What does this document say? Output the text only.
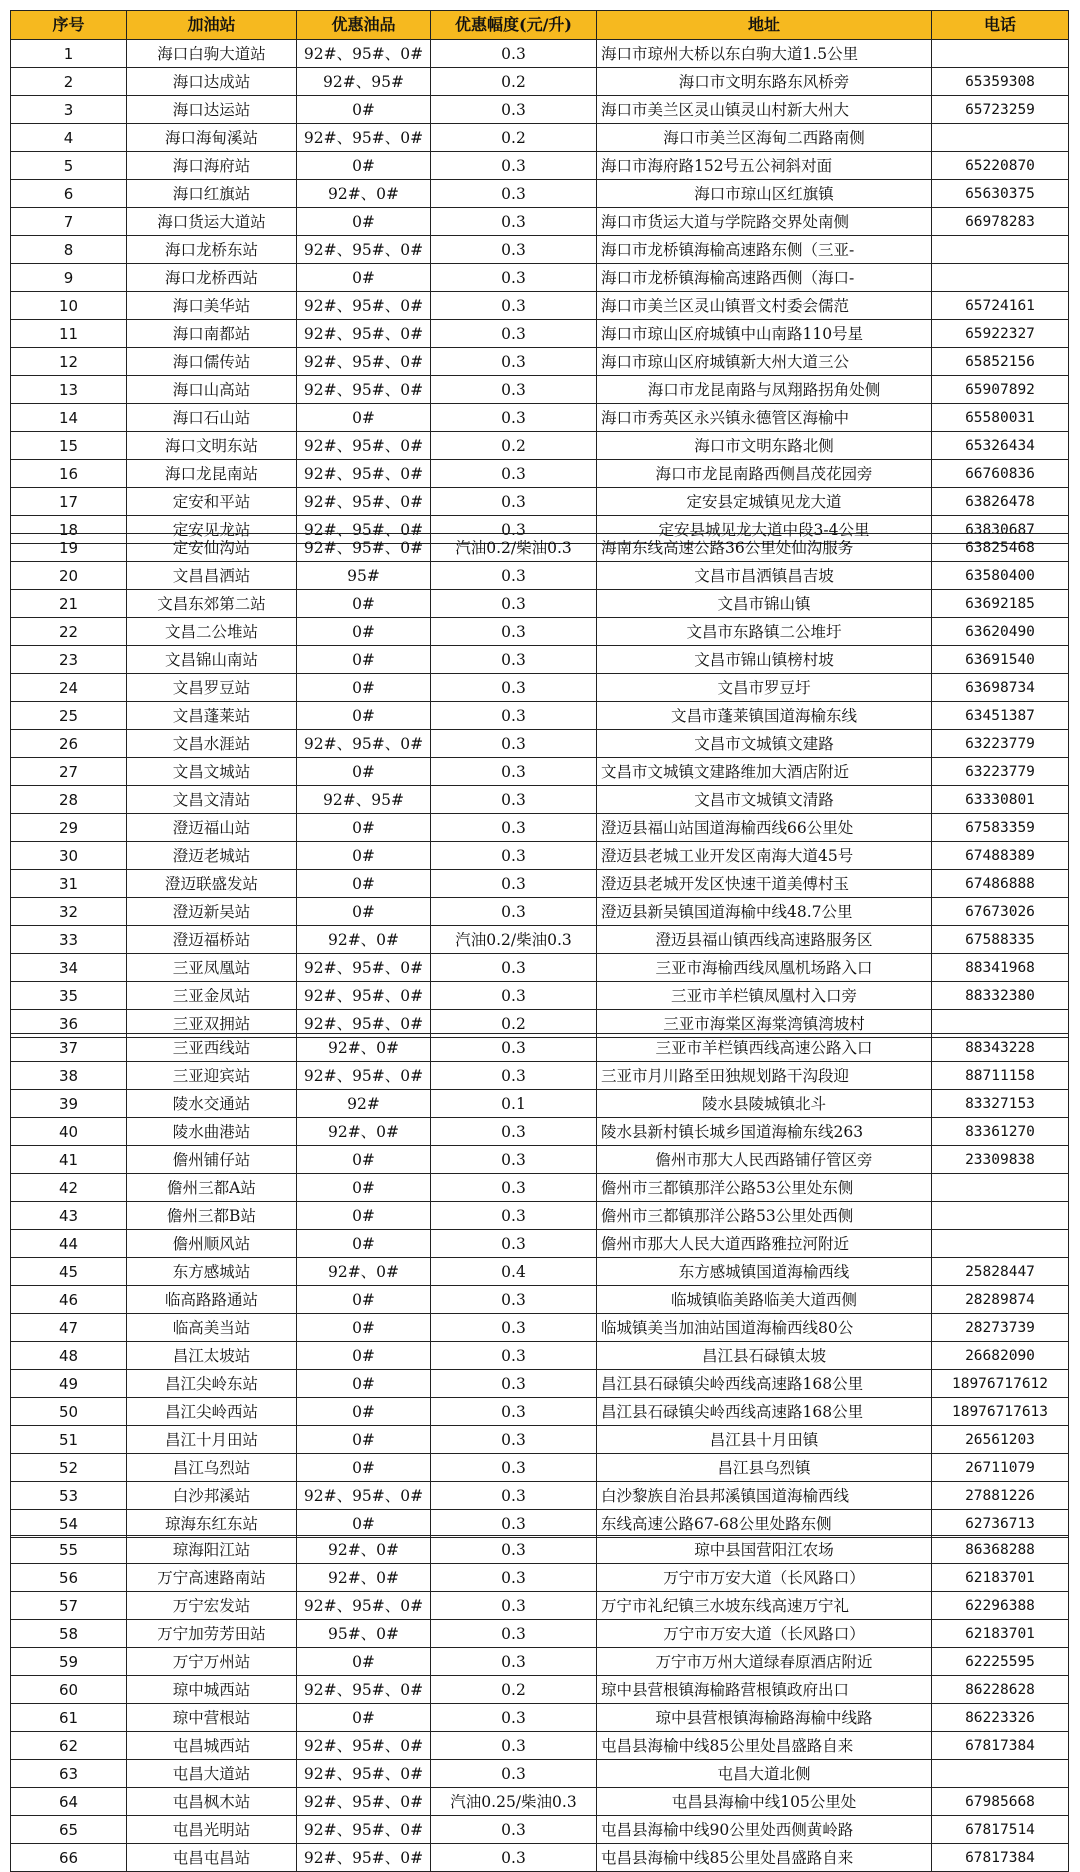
序号	加油站	优惠油品	优惠幅度(元/升)	地址	电话
1	海口白驹大道站	92#、95#、0#	0.3	海口市琼州大桥以东白驹大道1.5公里	
2	海口达成站	92#、95#	0.2	海口市文明东路东风桥旁	65359308
3	海口达运站	0#	0.3	海口市美兰区灵山镇灵山村新大州大	65723259
4	海口海甸溪站	92#、95#、0#	0.2	海口市美兰区海甸二西路南侧	
5	海口海府站	0#	0.3	海口市海府路152号五公祠斜对面	65220870
6	海口红旗站	92#、0#	0.3	海口市琼山区红旗镇	65630375
7	海口货运大道站	0#	0.3	海口市货运大道与学院路交界处南侧	66978283
8	海口龙桥东站	92#、95#、0#	0.3	海口市龙桥镇海榆高速路东侧（三亚-	
9	海口龙桥西站	0#	0.3	海口市龙桥镇海榆高速路西侧（海口-	
10	海口美华站	92#、95#、0#	0.3	海口市美兰区灵山镇晋文村委会儒范	65724161
11	海口南都站	92#、95#、0#	0.3	海口市琼山区府城镇中山南路110号星	65922327
12	海口儒传站	92#、95#、0#	0.3	海口市琼山区府城镇新大州大道三公	65852156
13	海口山高站	92#、95#、0#	0.3	海口市龙昆南路与凤翔路拐角处侧	65907892
14	海口石山站	0#	0.3	海口市秀英区永兴镇永德管区海榆中	65580031
15	海口文明东站	92#、95#、0#	0.2	海口市文明东路北侧	65326434
16	海口龙昆南站	92#、95#、0#	0.3	海口市龙昆南路西侧昌茂花园旁	66760836
17	定安和平站	92#、95#、0#	0.3	定安县定城镇见龙大道	63826478
18	定安见龙站	92#、95#、0#	0.3	定安县城见龙大道中段3-4公里	63830687
19	定安仙沟站	92#、95#、0#	汽油0.2/柴油0.3	海南东线高速公路36公里处仙沟服务	63825468
20	文昌昌洒站	95#	0.3	文昌市昌洒镇昌吉坡	63580400
21	文昌东郊第二站	0#	0.3	文昌市锦山镇	63692185
22	文昌二公堆站	0#	0.3	文昌市东路镇二公堆圩	63620490
23	文昌锦山南站	0#	0.3	文昌市锦山镇榜村坡	63691540
24	文昌罗豆站	0#	0.3	文昌市罗豆圩	63698734
25	文昌蓬莱站	0#	0.3	文昌市蓬莱镇国道海榆东线	63451387
26	文昌水涯站	92#、95#、0#	0.3	文昌市文城镇文建路	63223779
27	文昌文城站	0#	0.3	文昌市文城镇文建路维加大酒店附近	63223779
28	文昌文清站	92#、95#	0.3	文昌市文城镇文清路	63330801
29	澄迈福山站	0#	0.3	澄迈县福山站国道海榆西线66公里处	67583359
30	澄迈老城站	0#	0.3	澄迈县老城工业开发区南海大道45号	67488389
31	澄迈联盛发站	0#	0.3	澄迈县老城开发区快速干道美傅村玉	67486888
32	澄迈新吴站	0#	0.3	澄迈县新吴镇国道海榆中线48.7公里	67673026
33	澄迈福桥站	92#、0#	汽油0.2/柴油0.3	澄迈县福山镇西线高速路服务区	67588335
34	三亚凤凰站	92#、95#、0#	0.3	三亚市海榆西线凤凰机场路入口	88341968
35	三亚金凤站	92#、95#、0#	0.3	三亚市羊栏镇凤凰村入口旁	88332380
36	三亚双拥站	92#、95#、0#	0.2	三亚市海棠区海棠湾镇湾坡村	
37	三亚西线站	92#、0#	0.3	三亚市羊栏镇西线高速公路入口	88343228
38	三亚迎宾站	92#、95#、0#	0.3	三亚市月川路至田独规划路干沟段迎	88711158
39	陵水交通站	92#	0.1	陵水县陵城镇北斗	83327153
40	陵水曲港站	92#、0#	0.3	陵水县新村镇长城乡国道海榆东线263	83361270
41	儋州铺仔站	0#	0.3	儋州市那大人民西路铺仔管区旁	23309838
42	儋州三都A站	0#	0.3	儋州市三都镇那洋公路53公里处东侧	
43	儋州三都B站	0#	0.3	儋州市三都镇那洋公路53公里处西侧	
44	儋州顺风站	0#	0.3	儋州市那大人民大道西路雅拉河附近	
45	东方感城站	92#、0#	0.4	东方感城镇国道海榆西线	25828447
46	临高路路通站	0#	0.3	临城镇临美路临美大道西侧	28289874
47	临高美当站	0#	0.3	临城镇美当加油站国道海榆西线80公	28273739
48	昌江太坡站	0#	0.3	昌江县石碌镇太坡	26682090
49	昌江尖岭东站	0#	0.3	昌江县石碌镇尖岭西线高速路168公里	18976717612
50	昌江尖岭西站	0#	0.3	昌江县石碌镇尖岭西线高速路168公里	18976717613
51	昌江十月田站	0#	0.3	昌江县十月田镇	26561203
52	昌江乌烈站	0#	0.3	昌江县乌烈镇	26711079
53	白沙邦溪站	92#、95#、0#	0.3	白沙黎族自治县邦溪镇国道海榆西线	27881226
54	琼海东红东站	0#	0.3	东线高速公路67-68公里处路东侧	62736713
55	琼海阳江站	92#、0#	0.3	琼中县国营阳江农场	86368288
56	万宁高速路南站	92#、0#	0.3	万宁市万安大道（长风路口）	62183701
57	万宁宏发站	92#、95#、0#	0.3	万宁市礼纪镇三水坡东线高速万宁礼	62296388
58	万宁加劳芳田站	95#、0#	0.3	万宁市万安大道（长风路口）	62183701
59	万宁万州站	0#	0.3	万宁市万州大道绿春原酒店附近	62225595
60	琼中城西站	92#、95#、0#	0.2	琼中县营根镇海榆路营根镇政府出口	86228628
61	琼中营根站	0#	0.3	琼中县营根镇海榆路海榆中线路	86223326
62	屯昌城西站	92#、95#、0#	0.3	屯昌县海榆中线85公里处昌盛路自来	67817384
63	屯昌大道站	92#、95#、0#	0.3	屯昌大道北侧	
64	屯昌枫木站	92#、95#、0#	汽油0.25/柴油0.3	屯昌县海榆中线105公里处	67985668
65	屯昌光明站	92#、95#、0#	0.3	屯昌县海榆中线90公里处西侧黄岭路	67817514
66	屯昌屯昌站	92#、95#、0#	0.3	屯昌县海榆中线85公里处昌盛路自来	67817384
